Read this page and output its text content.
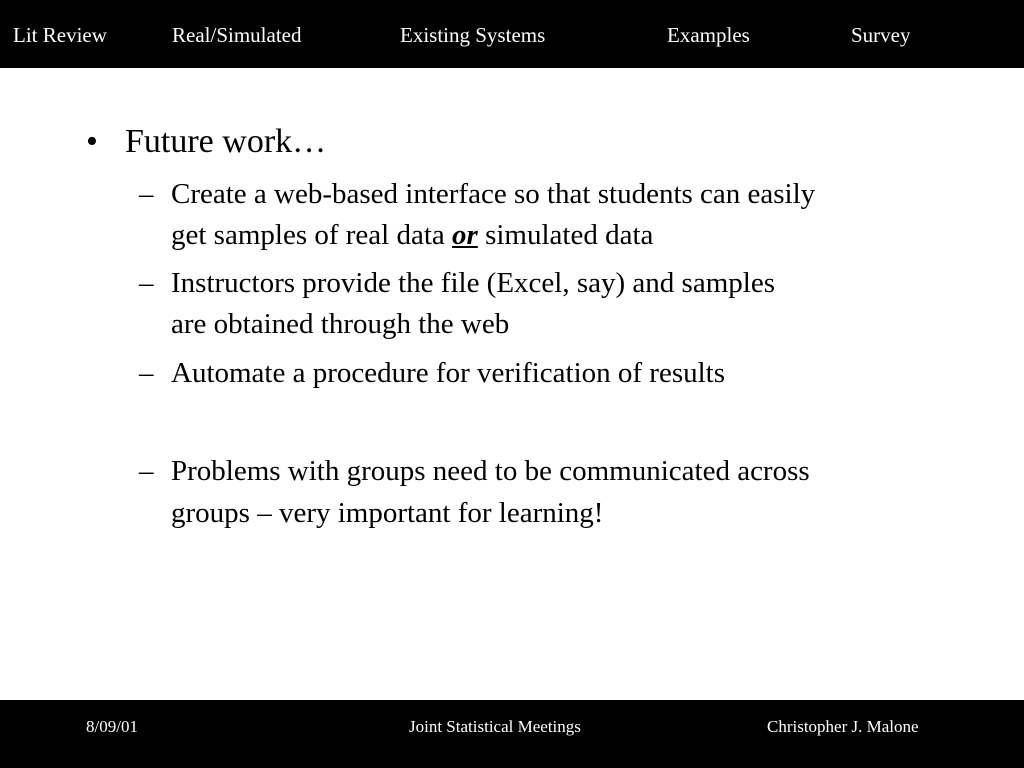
Lit Review	Real/Simulated	Existing Systems	Examples	Survey
• Future work…
– Create a web-based interface so that students can easily
get samples of real data or simulated data
– Instructors provide the file (Excel, say) and samples
are obtained through the web
– Automate a procedure for verification of results
– Problems with groups need to be communicated across
groups – very important for learning!
8/09/01	Joint Statistical Meetings	Christopher J. Malone
